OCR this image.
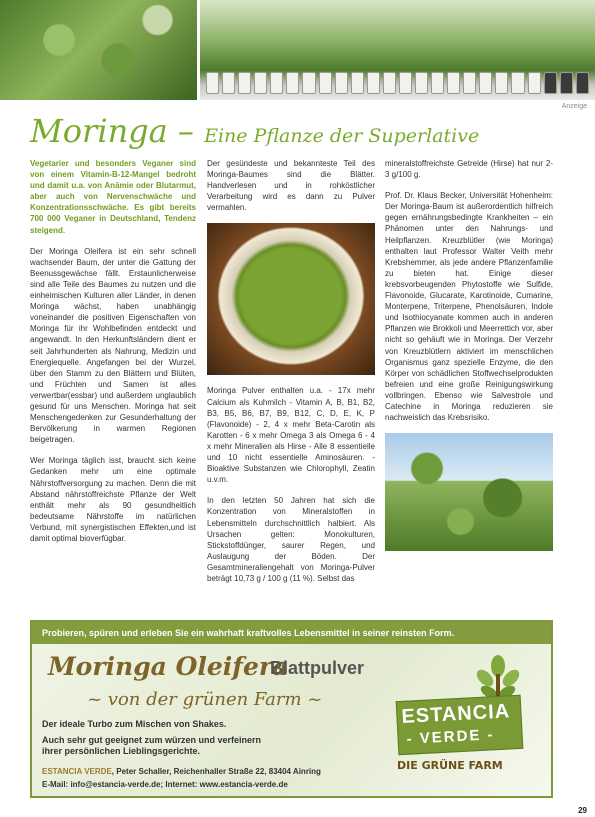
Anzeige
Moringa – Eine Pflanze der Superlative

Vegetarier und besonders Veganer sind von einem Vitamin-B-12-Mangel bedroht und damit u.a. von Anämie oder Blutarmut, aber auch von Nervenschwäche und Konzentrationsschwäche. Es gibt bereits 700 000 Veganer in Deutschland, Tendenz steigend.

Der Moringa Oleifera ist ein sehr schnell wachsender Baum, der unter die Gattung der Beenussgewächse fällt. Erstaunlicherweise sind alle Teile des Baumes zu nutzen und die einheimischen Kulturen aller Länder, in denen Moringa wächst, haben unabhängig voneinander die positiven Eigenschaften von Moringa für ihr Wohlbefinden entdeckt und angewandt. In den Herkunftsländern dient er seit Jahrhunderten als Nahrung, Medizin und Energiequelle. Angefangen bei der Wurzel, über den Stamm zu den Blättern und Blüten, und Früchten und Samen ist alles verwertbar(essbar) und außerdem unglaublich gesund für uns Menschen. Moringa hat seit Menschengedenken zur Gesunderhaltung der Bervölkerung in warmen Regionen beigetragen.

Wer Moringa täglich isst, braucht sich keine Gedanken mehr um eine optimale Nährstoffversorgung zu machen. Denn die mit Abstand nährstoffreichste Pflanze der Welt enthält mehr als 90 gesundheitlich bedeutsame Nährstoffe im natürlichen Verbund, mit synergistischen Effekten,und ist damit optimal bioverfügbar.

Der gesündeste und bekannteste Teil des Moringa-Baumes sind die Blätter. Handverlesen und in rohköstlicher Verarbeitung wird es dann zu Pulver vermahlen.

Moringa Pulver enthalten u.a. - 17x mehr Calcium als Kuhmilch - Vitamin A, B, B1, B2, B3, B5, B6, B7, B9, B12, C, D, E, K, P (Flavonoide) - 2, 4 x mehr Beta-Carotin als Karotten - 6 x mehr Omega 3 als Omega 6 - 4 x mehr Mineralien als Hirse - Alle 8 essentielle und 10 nicht essentielle Aminosäuren. - Bioaktive Substanzen wie Chlorophyll, Zeatin u.v.m.

In den letzten 50 Jahren hat sich die Konzentration von Mineralstoffen in Lebensmitteln durchschnittlich halbiert. Als Ursachen gelten: Monokulturen, Stickstoffdünger, saurer Regen, und Auslaugung der Böden. Der Gesamtmineraliengehalt von Moringa-Pulver beträgt 10,73 g / 100 g (11 %). Selbst das

mineralstoffreichste Getreide (Hirse) hat nur 2-3 g/100 g.

Prof. Dr. Klaus Becker, Universität Hohenheim: Der Moringa-Baum ist außerordentlich hilfreich gegen ernährungsbedingte Krankheiten – ein Phänomen unter den Nahrungs- und Heilpflanzen. Kreuzblütler (wie Moringa) enthalten laut Professor Walter Veith mehr Krebshemmer, als jede andere Pflanzenfamilie zu bieten hat. Einige dieser krebsvorbeugenden Phytostoffe wie Sulfide, Flavonoide, Glucarate, Karotinoide, Cumarine, Monterpene, Triterpene, Phenolsäuren, Indole und Isothiocyanate kommen auch in anderen Pflanzen wie Brokkoli und Meerrettich vor, aber nicht so gehäuft wie in Moringa. Der Verzehr von Kreuzblütlern aktiviert im menschlichen Organismus ganz spezielle Enzyme, die den Körper von schädlichen Stoffwechselprodukten befreien und eine große Reinigungswirkung vollbringen. Ebenso wie Salvestrole und Catechine in Moringa reduzieren sie nachweislich das Krebsrisiko.

Probieren, spüren und erleben Sie ein wahrhaft kraftvolles Lebensmittel in seiner reinsten Form.
Moringa Oleifera
Blattpulver
~ von der grünen Farm ~
Der ideale Turbo zum Mischen von Shakes.
Auch sehr gut geeignet zum würzen und verfeinern
ihrer persönlichen Lieblingsgerichte.
ESTANCIA VERDE, Peter Schaller, Reichenhaller Straße 22, 83404 Ainring
E-Mail: info@estancia-verde.de; Internet: www.estancia-verde.de
ESTANCIA
- VERDE -
DIE GRÜNE FARM
29
